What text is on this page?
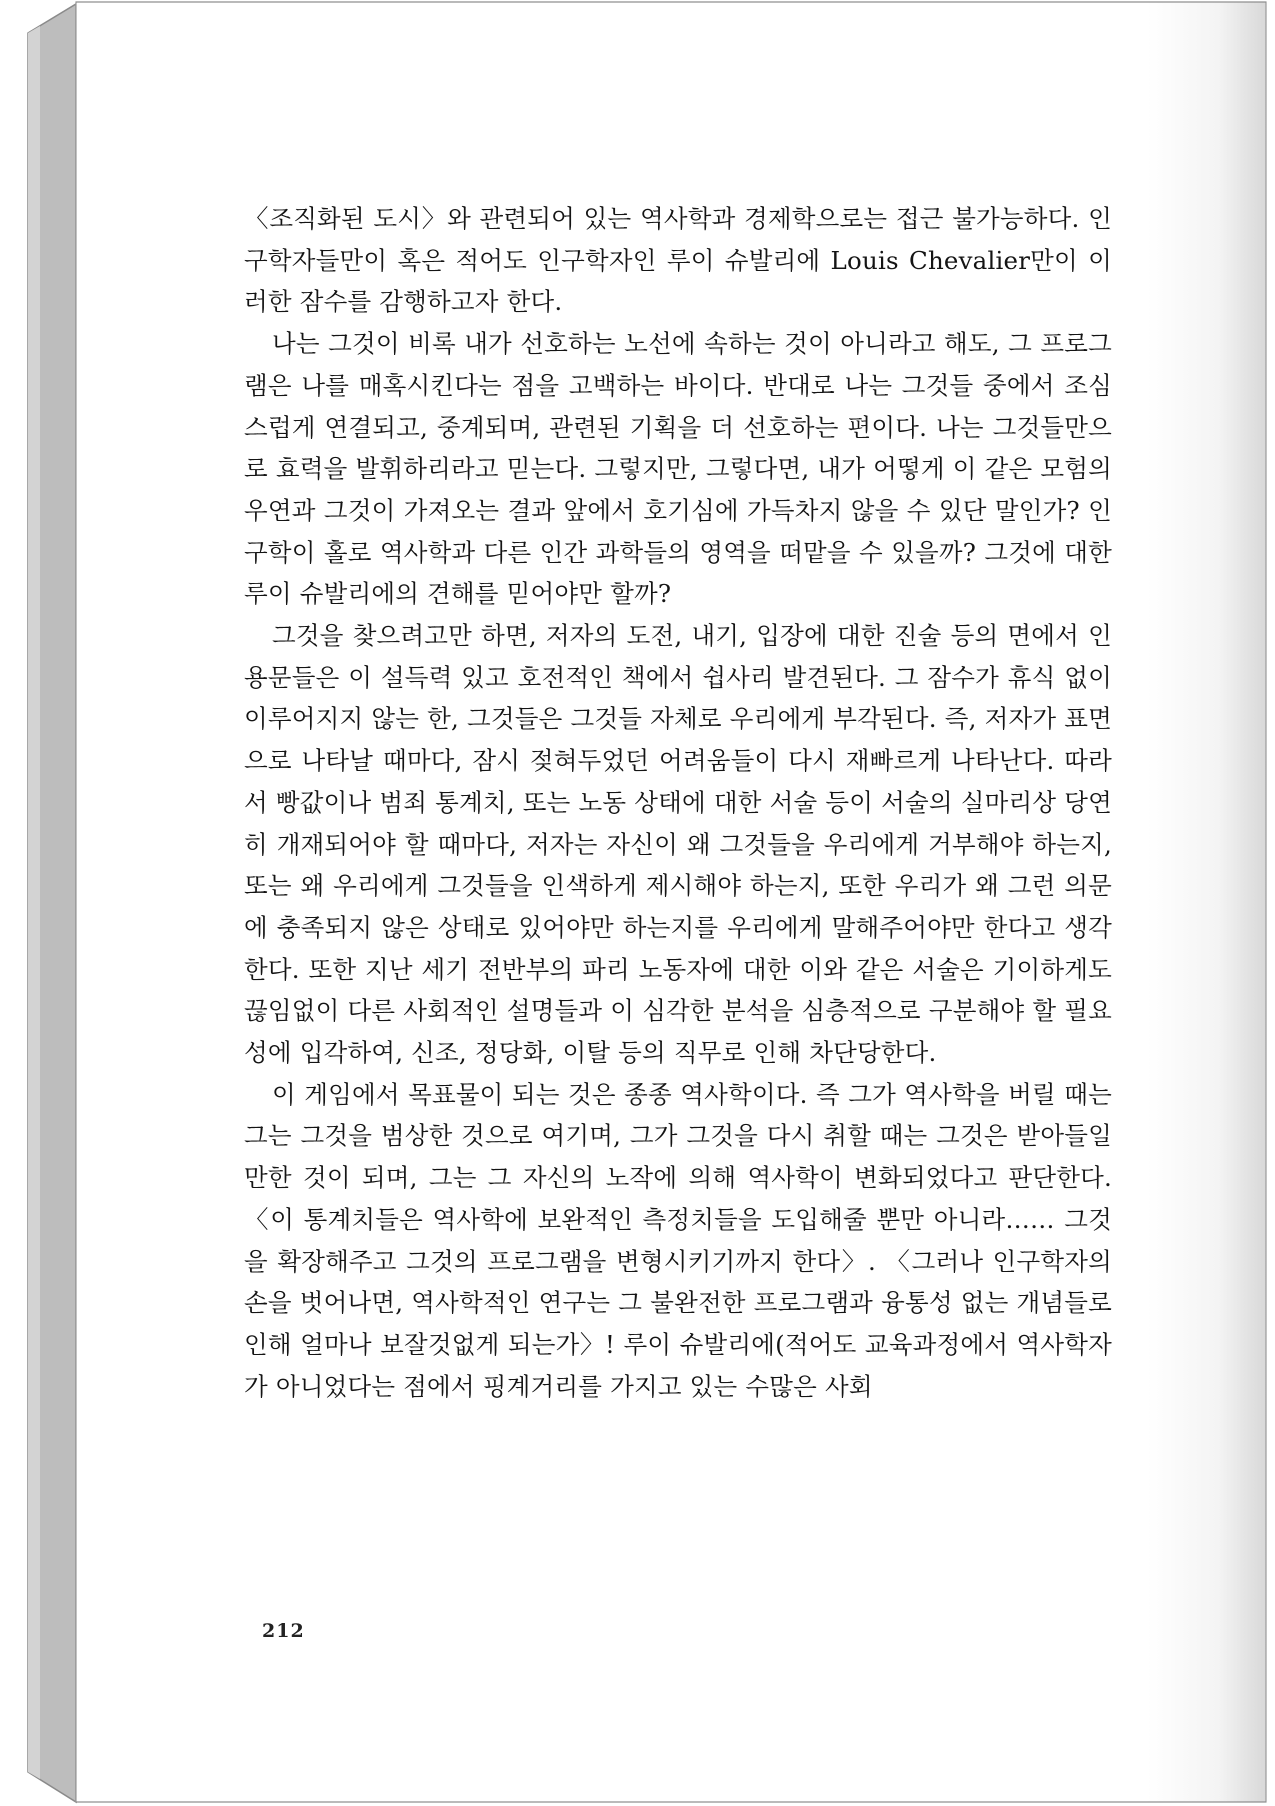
〈조직화된 도시〉와 관련되어 있는 역사학과 경제학으로는 접근 불가능하다. 인구학자들만이 혹은 적어도 인구학자인 루이 슈발리에 Louis Chevalier만이 이러한 잠수를 감행하고자 한다.

나는 그것이 비록 내가 선호하는 노선에 속하는 것이 아니라고 해도, 그 프로그램은 나를 매혹시킨다는 점을 고백하는 바이다. 반대로 나는 그것들 중에서 조심스럽게 연결되고, 중계되며, 관련된 기획을 더 선호하는 편이다. 나는 그것들만으로 효력을 발휘하리라고 믿는다. 그렇지만, 그렇다면, 내가 어떻게 이 같은 모험의 우연과 그것이 가져오는 결과 앞에서 호기심에 가득차지 않을 수 있단 말인가? 인구학이 홀로 역사학과 다른 인간 과학들의 영역을 떠맡을 수 있을까? 그것에 대한 루이 슈발리에의 견해를 믿어야만 할까?

그것을 찾으려고만 하면, 저자의 도전, 내기, 입장에 대한 진술 등의 면에서 인용문들은 이 설득력 있고 호전적인 책에서 쉽사리 발견된다. 그 잠수가 휴식 없이 이루어지지 않는 한, 그것들은 그것들 자체로 우리에게 부각된다. 즉, 저자가 표면으로 나타날 때마다, 잠시 젖혀두었던 어려움들이 다시 재빠르게 나타난다. 따라서 빵값이나 범죄 통계치, 또는 노동 상태에 대한 서술 등이 서술의 실마리상 당연히 개재되어야 할 때마다, 저자는 자신이 왜 그것들을 우리에게 거부해야 하는지, 또는 왜 우리에게 그것들을 인색하게 제시해야 하는지, 또한 우리가 왜 그런 의문에 충족되지 않은 상태로 있어야만 하는지를 우리에게 말해주어야만 한다고 생각한다. 또한 지난 세기 전반부의 파리 노동자에 대한 이와 같은 서술은 기이하게도 끊임없이 다른 사회적인 설명들과 이 심각한 분석을 심층적으로 구분해야 할 필요성에 입각하여, 신조, 정당화, 이탈 등의 직무로 인해 차단당한다.

이 게임에서 목표물이 되는 것은 종종 역사학이다. 즉 그가 역사학을 버릴 때는 그는 그것을 범상한 것으로 여기며, 그가 그것을 다시 취할 때는 그것은 받아들일 만한 것이 되며, 그는 그 자신의 노작에 의해 역사학이 변화되었다고 판단한다. 〈이 통계치들은 역사학에 보완적인 측정치들을 도입해줄 뿐만 아니라…… 그것을 확장해주고 그것의 프로그램을 변형시키기까지 한다〉. 〈그러나 인구학자의 손을 벗어나면, 역사학적인 연구는 그 불완전한 프로그램과 융통성 없는 개념들로 인해 얼마나 보잘것없게 되는가〉! 루이 슈발리에(적어도 교육과정에서 역사학자가 아니었다는 점에서 핑계거리를 가지고 있는 수많은 사회

212
